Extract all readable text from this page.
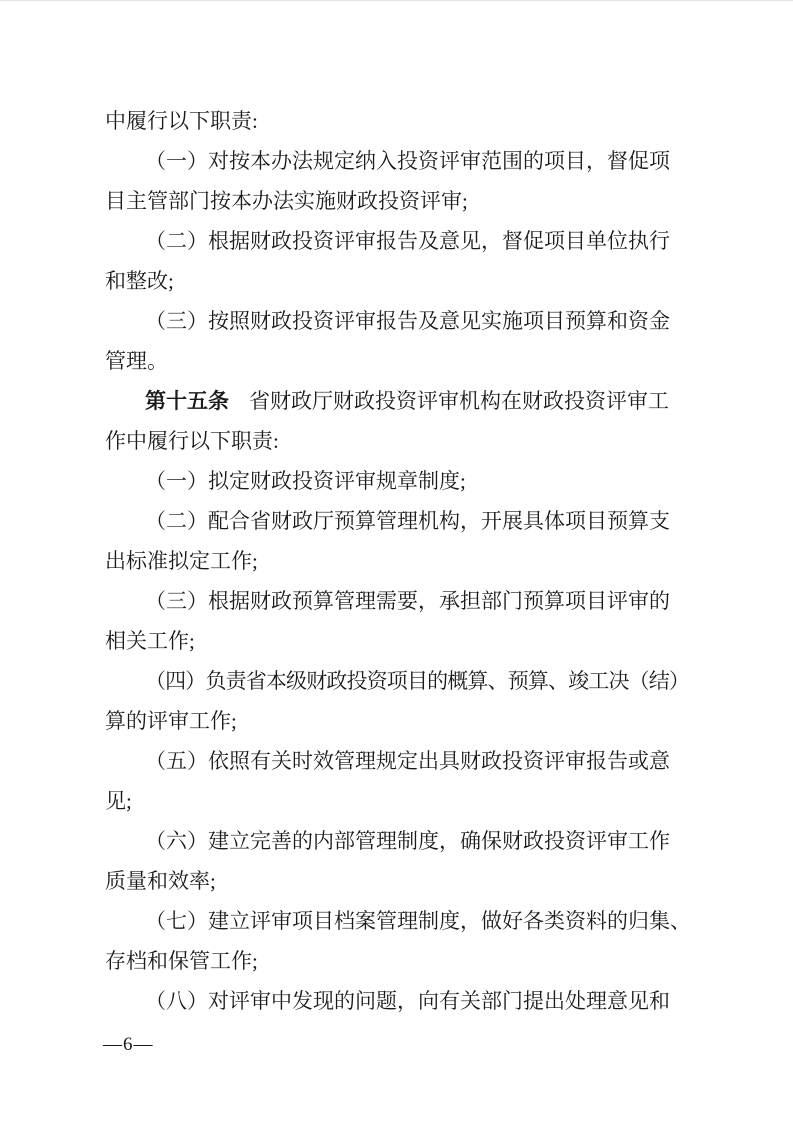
中履行以下职责:
（一）对按本办法规定纳入投资评审范围的项目，督促项
目主管部门按本办法实施财政投资评审;
（二）根据财政投资评审报告及意见，督促项目单位执行
和整改;
（三）按照财政投资评审报告及意见实施项目预算和资金
管理。
第十五条 省财政厅财政投资评审机构在财政投资评审工
作中履行以下职责:
（一）拟定财政投资评审规章制度;
（二）配合省财政厅预算管理机构，开展具体项目预算支
出标准拟定工作;
（三）根据财政预算管理需要，承担部门预算项目评审的
相关工作;
（四）负责省本级财政投资项目的概算、预算、竣工决（结）
算的评审工作;
（五）依照有关时效管理规定出具财政投资评审报告或意
见;
（六）建立完善的内部管理制度，确保财政投资评审工作
质量和效率;
（七）建立评审项目档案管理制度，做好各类资料的归集、
存档和保管工作;
（八）对评审中发现的问题，向有关部门提出处理意见和
—6—
